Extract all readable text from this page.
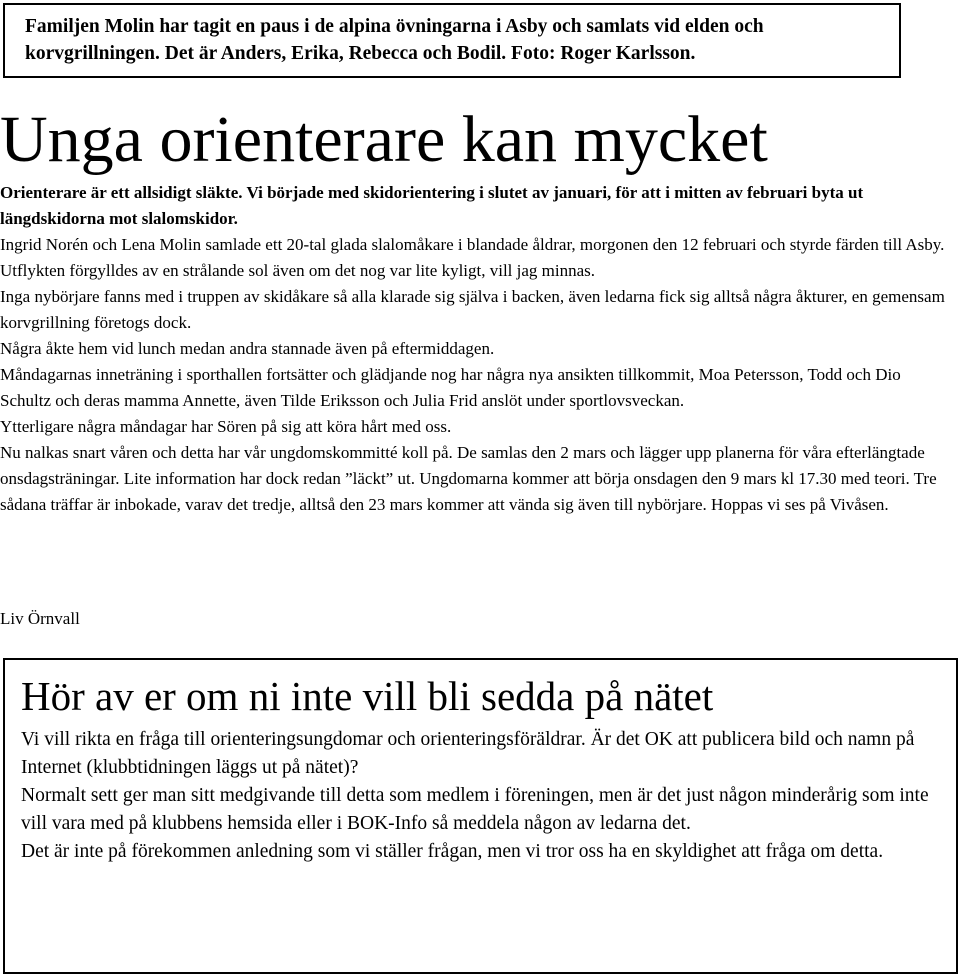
Familjen Molin har tagit en paus i de alpina övningarna i Asby och samlats vid elden och korvgrillningen. Det är Anders, Erika, Rebecca och Bodil. Foto: Roger Karlsson.
Unga orienterare kan mycket

Orienterare är ett allsidigt släkte. Vi började med skidorientering i slutet av januari, för att i mitten av februari byta ut längdskidorna mot slalomskidor.

Ingrid Norén och Lena Molin samlade ett 20-tal glada slalomåkare i blandade åldrar, morgonen den 12 februari och styrde färden till Asby. Utflykten förgylldes av en strålande sol även om det nog var lite kyligt, vill jag minnas.

Inga nybörjare fanns med i truppen av skidåkare så alla klarade sig själva i backen, även ledarna fick sig alltså några åkturer, en gemensam korvgrillning företogs dock.

Några åkte hem vid lunch medan andra stannade även på eftermiddagen.

Måndagarnas inneträning i sporthallen fortsätter och glädjande nog har några nya ansikten tillkommit, Moa Petersson, Todd och Dio Schultz och deras mamma Annette, även Tilde Eriksson och Julia Frid anslöt under sportlovsveckan.

Ytterligare några måndagar har Sören på sig att köra hårt med oss.

Nu nalkas snart våren och detta har vår ungdomskommitté koll på. De samlas den 2 mars och lägger upp planerna för våra efterlängtade onsdagsträningar. Lite information har dock redan ”läckt” ut. Ungdomarna kommer att börja onsdagen den 9 mars kl 17.30 med teori. Tre sådana träffar är inbokade, varav det tredje, alltså den 23 mars kommer att vända sig även till nybörjare. Hoppas vi ses på Vivåsen.

Liv Örnvall

Hör av er om ni inte vill bli sedda på nätet

Vi vill rikta en fråga till orienteringsungdomar och orienteringsföräldrar. Är det OK att publicera bild och namn på Internet (klubbtidningen läggs ut på nätet)?

Normalt sett ger man sitt medgivande till detta som medlem i föreningen, men är det just någon minderårig som inte vill vara med på klubbens hemsida eller i BOK-Info så meddela någon av ledarna det.

Det är inte på förekommen anledning som vi ställer frågan, men vi tror oss ha en skyldighet att fråga om detta.
